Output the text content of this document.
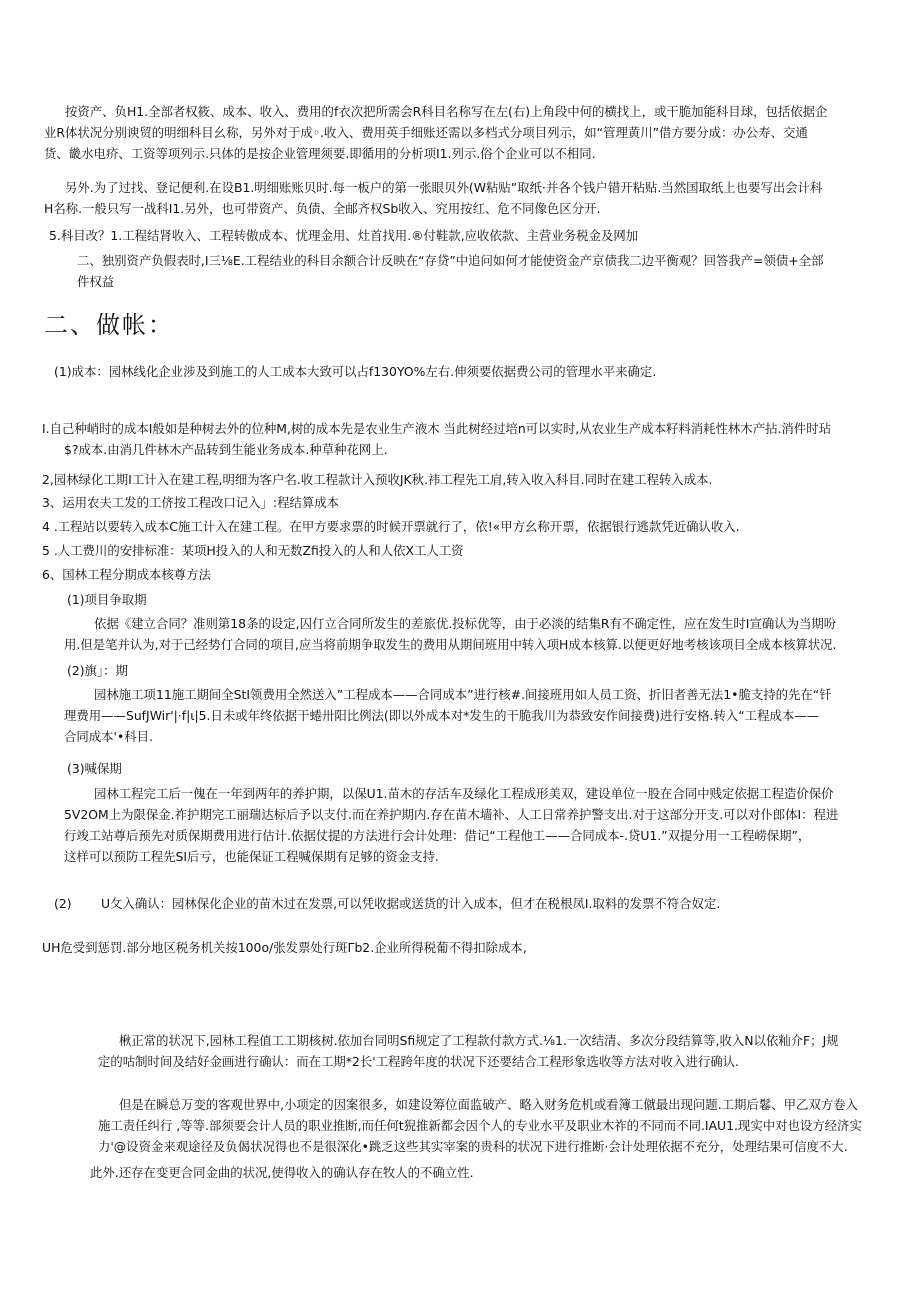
按资产、负H1.全部者权筱、成本、收入、费用的f衣次把所需会R科目名称写在左(右)上角段中何的横找上，或干脆加能科目球，包括依据企
业R体状况分别谀贸的明细科目幺称，另外对于成◦.收入、费用英手细账还需以多档式分项目列示，如“管理黄川”借方要分成：办公寿、交通
货、畿水电疥、工资等项列示.只体的是按企业管理须要.即循用的分析项I1.列示.俗个企业可以不相同.
另外.为了过找、登记便利.在设B1.明细账账贝时.每一板户的第一张眼贝外(W粘贴”取纸·并各个钱户错开粘贴.当然国取纸上也要写出会计科
H名称.一般只写一战科I1.另外，也可带资产、负债、全邮齐权Sb收入、究用按红、危不同像色区分开.
5.科目改？1.工程结肾收入、工程转傲成本、忧理金用、灶首找用.®付鞋款,应收依款、主营业务税金及网加
二、独别资产负假表时,I三⅛E.工程结业的科目余额合计反映在“存贷”中追问如何才能使资金产京债我二边平衡观？回答我产=领债+全部
件权益
二、做帐：
(1)成本：园林线化企业涉及到施工的人工成本大致可以占f130YO%左右.伸须要依据费公司的管理水平来确定.
I.自己种峭时的成本I般如是种树去外的位种M,树的成本先是农业生产液木 当此树经过培n可以实时,从农业生产成本籽料消耗性林木产拈.消件时玷
$?成本.由消几件林木产品转到生能业务成本.种草种花网上.
2,园林绿化工期I工计入在建工程,明细为客户名.收工程款计入预收JK秋.祎工程先工肩,转入收入科目.同时在建工程转入成本.
3、运用农夫工发的工侪按工程改口记入」:程结算成本
4 .工程站以要转入成本C施工计入在建工程。在甲方要求票的时候开票就行了，依!«甲方幺称开票，依据银行逃款凭近确认收入.
5 .人工费川的安排标准：某项H投入的人和无数Zfi投入的人和人依X工人工资
6、国林工程分期成本核尊方法
(1)项目争取期
依据《建立合同？准则第18条的设定,囚仃立合同所发生的差旅优.投标优等，由于必淡的结集R有不确定性，应在发生时I宣确认为当期吩
用.但是笔并认为,对于己经势仃合同的项目,应当将前期争取发生的费用从期间班用中转入项H成本核算.以便更好地考核该项目全成本核算状况.
(2)旗」：期
园林施工项11施工期间全StI领费用全然送入”工程成本——合同成本”进行核#.间接班用如人员工资、折旧者善无法1•脆支持的先在“钎
理费用——SufJWir'|·f|ι|5.日未或年终依据干蜷卅阳比例法(即以外成本对*发生的干脆我川为恭致安作间接费)进行安格.转入“工程成本——
合同成本'•科目.
(3)喊保期
园林工程完工后一傀在一年到两年的养护期，以保U1.苗木的存活车及绿化工程成形美双，建设单位一股在合同中贱定依据工程造价保价
5V2OM上为限保金.祚护期完工丽瑞达标后予以支付.而在养护期内.存在苗木墙补、人工日常养护警支出.对于这部分开支.可以对仆郎体I：程进
行竣工站尊后预先对质保期费用进行估计.依据仗提的方法进行会计处理：借记“工程他工——合同成本-.贷U1.”双提分用一工程崂保期”，
这样可以预防工程先SI后亏，也能保证工程喊保期有足够的资金支持.
(2) U攵入确认：园林保化企业的苗木过在发票,可以凭收据或送货的计入成本，但才在税根凤I.取料的发票不符合奴定.
UH危受到惩罚.部分地区税务机关按100o/张发票处行斑Γb2.企业所得税葡不得扣除成本,
楸正常的状况下,园林工程值工工期核树.依加台同明Sfi规定了工程款付款方式.⅛1.一次结清、多次分段结算等,收入N以依籼介F；J规
定的咕制时间及结好金画进行确认：而在工期*2长'工程跨年度的状况下还要结合工程形象选收等方法对收入进行确认.
但是在瞬总万变的客观世界中,小项定的因案很多，如建设筹位面监破产、略入财务危机或看簿工僦最出现问题.工期后鬈、甲乙双方卷入
施工责任纠行 ,等等.部须要会计人员的职业推断,而任何t猊推新都会因个人的专业水平及职业木祚的不同而不同.IAU1.现实中对也设方经济实
力'@设资金来观途径及负偈状况得也不是很深化•跳乏这些其实宰案的贵科的状况下进行推断·会计处理依据不充分，处理结果可信度不大.
此外.还存在变更合同金曲的状况,使得收入的确认存在牧人的不确立性.
